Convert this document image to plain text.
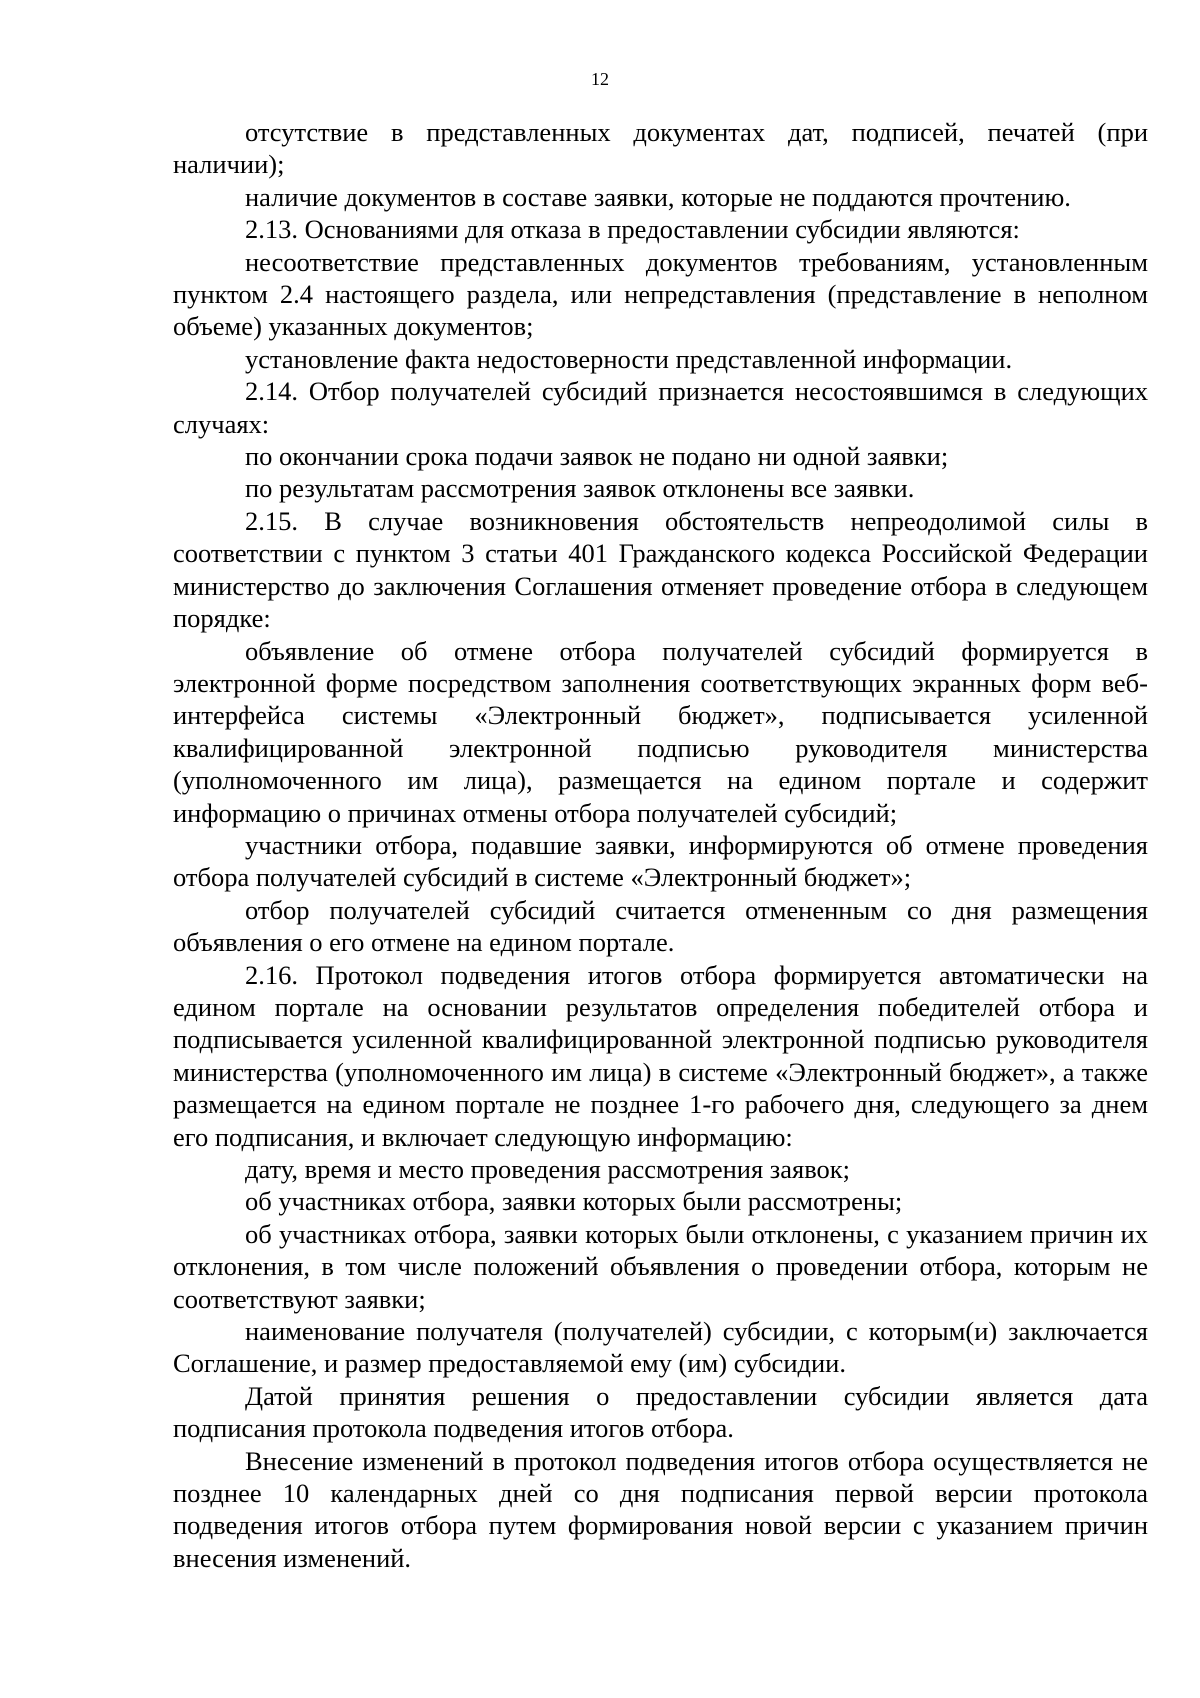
12

отсутствие в представленных документах дат, подписей, печатей (при наличии);

наличие документов в составе заявки, которые не поддаются прочтению.

2.13. Основаниями для отказа в предоставлении субсидии являются:

несоответствие представленных документов требованиям, установленным пунктом 2.4 настоящего раздела, или непредставления (представление в неполном объеме) указанных документов;

установление факта недостоверности представленной информации.

2.14. Отбор получателей субсидий признается несостоявшимся в следующих случаях:

по окончании срока подачи заявок не подано ни одной заявки;

по результатам рассмотрения заявок отклонены все заявки.

2.15. В случае возникновения обстоятельств непреодолимой силы в соответствии с пунктом 3 статьи 401 Гражданского кодекса Российской Федерации министерство до заключения Соглашения отменяет проведение отбора в следующем порядке:

объявление об отмене отбора получателей субсидий формируется в электронной форме посредством заполнения соответствующих экранных форм веб-интерфейса системы «Электронный бюджет», подписывается усиленной квалифицированной электронной подписью руководителя министерства (уполномоченного им лица), размещается на едином портале и содержит информацию о причинах отмены отбора получателей субсидий;

участники отбора, подавшие заявки, информируются об отмене проведения отбора получателей субсидий в системе «Электронный бюджет»;

отбор получателей субсидий считается отмененным со дня размещения объявления о его отмене на едином портале.

2.16. Протокол подведения итогов отбора формируется автоматически на едином портале на основании результатов определения победителей отбора и подписывается усиленной квалифицированной электронной подписью руководителя министерства (уполномоченного им лица) в системе «Электронный бюджет», а также размещается на едином портале не позднее 1-го рабочего дня, следующего за днем его подписания, и включает следующую информацию:

дату, время и место проведения рассмотрения заявок;

об участниках отбора, заявки которых были рассмотрены;

об участниках отбора, заявки которых были отклонены, с указанием причин их отклонения, в том числе положений объявления о проведении отбора, которым не соответствуют заявки;

наименование получателя (получателей) субсидии, с которым(и) заключается Соглашение, и размер предоставляемой ему (им) субсидии.

Датой принятия решения о предоставлении субсидии является дата подписания протокола подведения итогов отбора.

Внесение изменений в протокол подведения итогов отбора осуществляется не позднее 10 календарных дней со дня подписания первой версии протокола подведения итогов отбора путем формирования новой версии с указанием причин внесения изменений.
